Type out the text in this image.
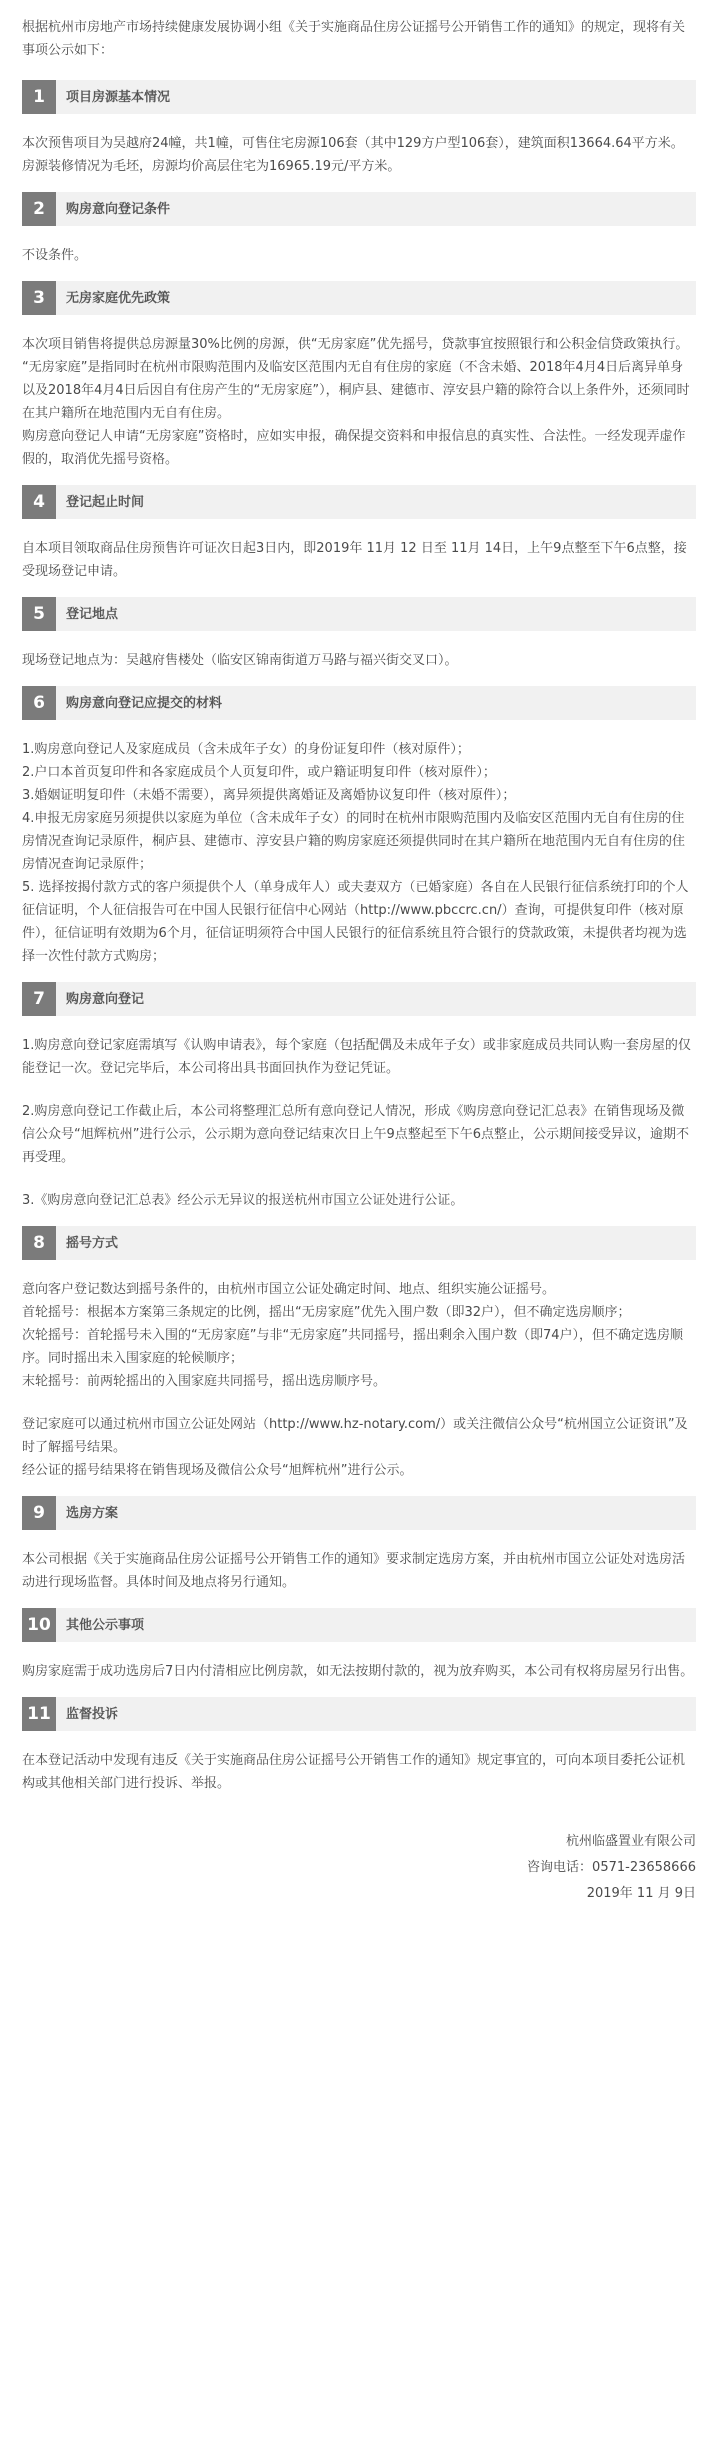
根据杭州市房地产市场持续健康发展协调小组《关于实施商品住房公证摇号公开销售工作的通知》的规定，现将有关事项公示如下：

1	项目房源基本情况

本次预售项目为吴越府24幢，共1幢，可售住宅房源106套（其中129方户型106套），建筑面积13664.64平方米。房源装修情况为毛坯，房源均价高层住宅为16965.19元/平方米。

2	购房意向登记条件

不设条件。

3	无房家庭优先政策

本次项目销售将提供总房源量30%比例的房源，供“无房家庭”优先摇号，贷款事宜按照银行和公积金信贷政策执行。

“无房家庭”是指同时在杭州市限购范围内及临安区范围内无自有住房的家庭（不含未婚、2018年4月4日后离异单身以及2018年4月4日后因自有住房产生的“无房家庭”），桐庐县、建德市、淳安县户籍的除符合以上条件外，还须同时在其户籍所在地范围内无自有住房。

购房意向登记人申请“无房家庭”资格时，应如实申报，确保提交资料和申报信息的真实性、合法性。一经发现弄虚作假的，取消优先摇号资格。

4	登记起止时间

自本项目领取商品住房预售许可证次日起3日内，即2019年 11月 12 日至 11月 14日，上午9点整至下午6点整，接受现场登记申请。

5	登记地点

现场登记地点为：吴越府售楼处（临安区锦南街道万马路与福兴街交叉口）。

6	购房意向登记应提交的材料

1.购房意向登记人及家庭成员（含未成年子女）的身份证复印件（核对原件）；

2.户口本首页复印件和各家庭成员个人页复印件，或户籍证明复印件（核对原件）；

3.婚姻证明复印件（未婚不需要），离异须提供离婚证及离婚协议复印件（核对原件）；

4.申报无房家庭另须提供以家庭为单位（含未成年子女）的同时在杭州市限购范围内及临安区范围内无自有住房的住房情况查询记录原件，桐庐县、建德市、淳安县户籍的购房家庭还须提供同时在其户籍所在地范围内无自有住房的住房情况查询记录原件；

5. 选择按揭付款方式的客户须提供个人（单身成年人）或夫妻双方（已婚家庭）各自在人民银行征信系统打印的个人征信证明，个人征信报告可在中国人民银行征信中心网站（http://www.pbccrc.cn/）查询，可提供复印件（核对原件），征信证明有效期为6个月，征信证明须符合中国人民银行的征信系统且符合银行的贷款政策，未提供者均视为选择一次性付款方式购房；

7	购房意向登记

1.购房意向登记家庭需填写《认购申请表》，每个家庭（包括配偶及未成年子女）或非家庭成员共同认购一套房屋的仅能登记一次。登记完毕后，本公司将出具书面回执作为登记凭证。

2.购房意向登记工作截止后，本公司将整理汇总所有意向登记人情况，形成《购房意向登记汇总表》在销售现场及微信公众号“旭辉杭州”进行公示，公示期为意向登记结束次日上午9点整起至下午6点整止，公示期间接受异议，逾期不再受理。

3.《购房意向登记汇总表》经公示无异议的报送杭州市国立公证处进行公证。

8	摇号方式

意向客户登记数达到摇号条件的，由杭州市国立公证处确定时间、地点、组织实施公证摇号。

首轮摇号：根据本方案第三条规定的比例，摇出“无房家庭”优先入围户数（即32户），但不确定选房顺序；

次轮摇号：首轮摇号未入围的“无房家庭”与非“无房家庭”共同摇号，摇出剩余入围户数（即74户），但不确定选房顺序。同时摇出未入围家庭的轮候顺序；

末轮摇号：前两轮摇出的入围家庭共同摇号，摇出选房顺序号。

登记家庭可以通过杭州市国立公证处网站（http://www.hz-notary.com/）或关注微信公众号“杭州国立公证资讯”及时了解摇号结果。

经公证的摇号结果将在销售现场及微信公众号“旭辉杭州”进行公示。

9	选房方案

本公司根据《关于实施商品住房公证摇号公开销售工作的通知》要求制定选房方案，并由杭州市国立公证处对选房活动进行现场监督。具体时间及地点将另行通知。

10	其他公示事项

购房家庭需于成功选房后7日内付清相应比例房款，如无法按期付款的，视为放弃购买，本公司有权将房屋另行出售。

11	监督投诉

在本登记活动中发现有违反《关于实施商品住房公证摇号公开销售工作的通知》规定事宜的，可向本项目委托公证机构或其他相关部门进行投诉、举报。

杭州临盛置业有限公司
咨询电话：0571-23658666
2019年 11 月 9日
